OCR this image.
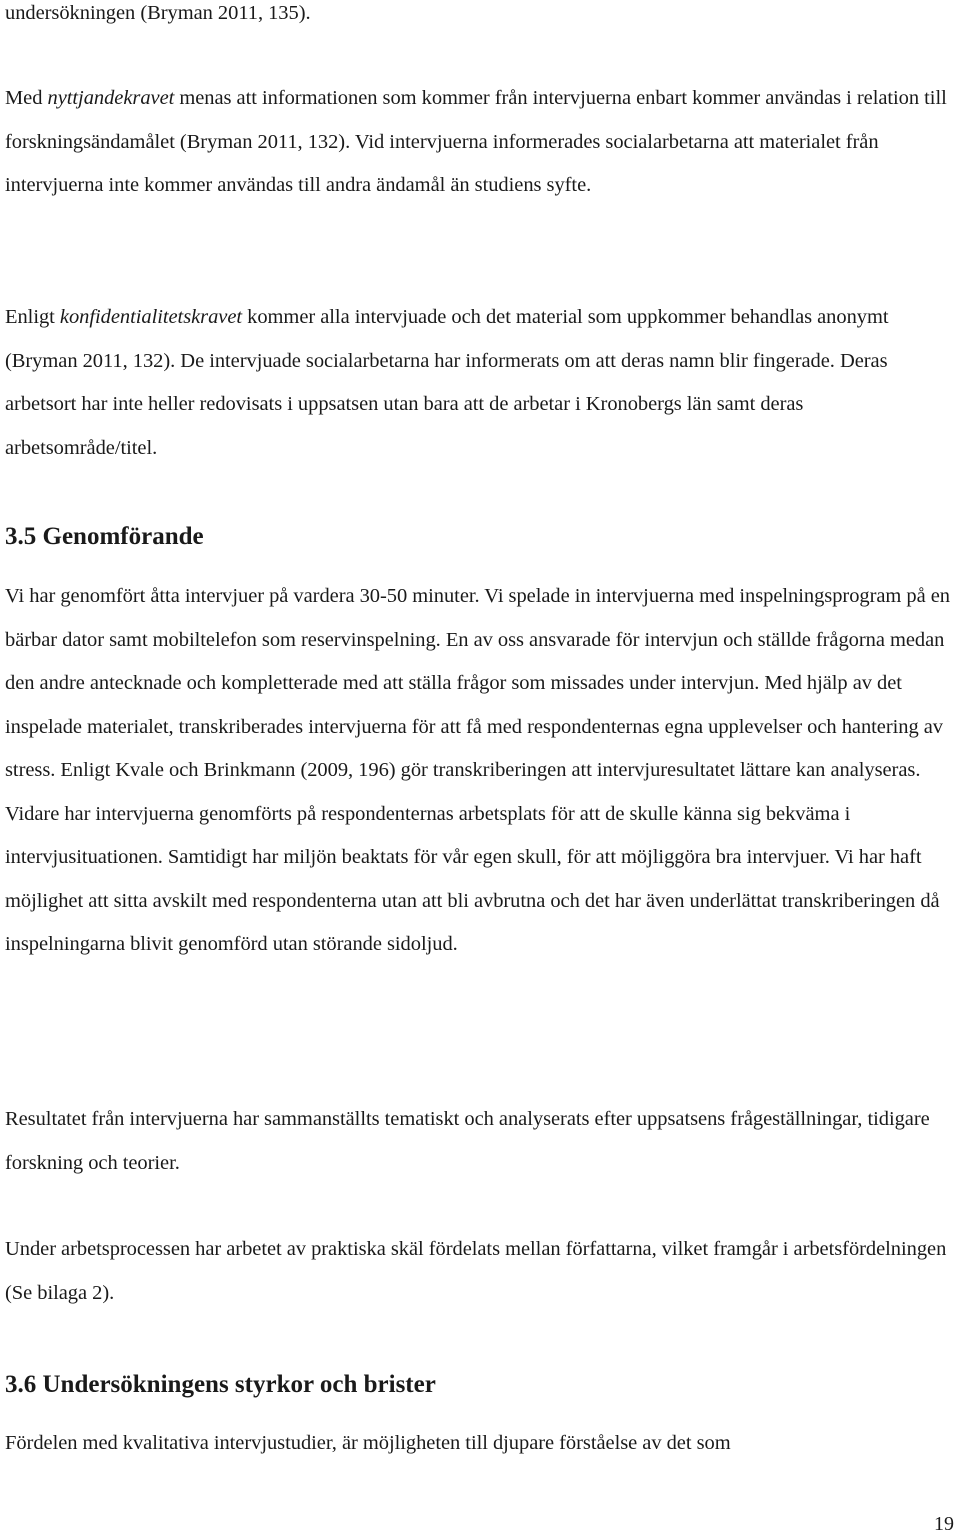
undersökningen (Bryman 2011, 135).

Med nyttjandekravet menas att informationen som kommer från intervjuerna enbart kommer användas i relation till forskningsändamålet (Bryman 2011, 132). Vid intervjuerna informerades socialarbetarna att materialet från intervjuerna inte kommer användas till andra ändamål än studiens syfte.

Enligt konfidentialitetskravet kommer alla intervjuade och det material som uppkommer behandlas anonymt (Bryman 2011, 132). De intervjuade socialarbetarna har informerats om att deras namn blir fingerade. Deras arbetsort har inte heller redovisats i uppsatsen utan bara att de arbetar i Kronobergs län samt deras arbetsområde/titel.

3.5 Genomförande

Vi har genomfört åtta intervjuer på vardera 30-50 minuter. Vi spelade in intervjuerna med inspelningsprogram på en bärbar dator samt mobiltelefon som reservinspelning. En av oss ansvarade för intervjun och ställde frågorna medan den andre antecknade och kompletterade med att ställa frågor som missades under intervjun. Med hjälp av det inspelade materialet, transkriberades intervjuerna för att få med respondenternas egna upplevelser och hantering av stress. Enligt Kvale och Brinkmann (2009, 196) gör transkriberingen att intervjuresultatet lättare kan analyseras. Vidare har intervjuerna genomförts på respondenternas arbetsplats för att de skulle känna sig bekväma i intervjusituationen. Samtidigt har miljön beaktats för vår egen skull, för att möjliggöra bra intervjuer. Vi har haft möjlighet att sitta avskilt med respondenterna utan att bli avbrutna och det har även underlättat transkriberingen då inspelningarna blivit genomförd utan störande sidoljud.

Resultatet från intervjuerna har sammanställts tematiskt och analyserats efter uppsatsens frågeställningar, tidigare forskning och teorier.

Under arbetsprocessen har arbetet av praktiska skäl fördelats mellan författarna, vilket framgår i arbetsfördelningen (Se bilaga 2).

3.6 Undersökningens styrkor och brister

Fördelen med kvalitativa intervjustudier, är möjligheten till djupare förståelse av det som

19
